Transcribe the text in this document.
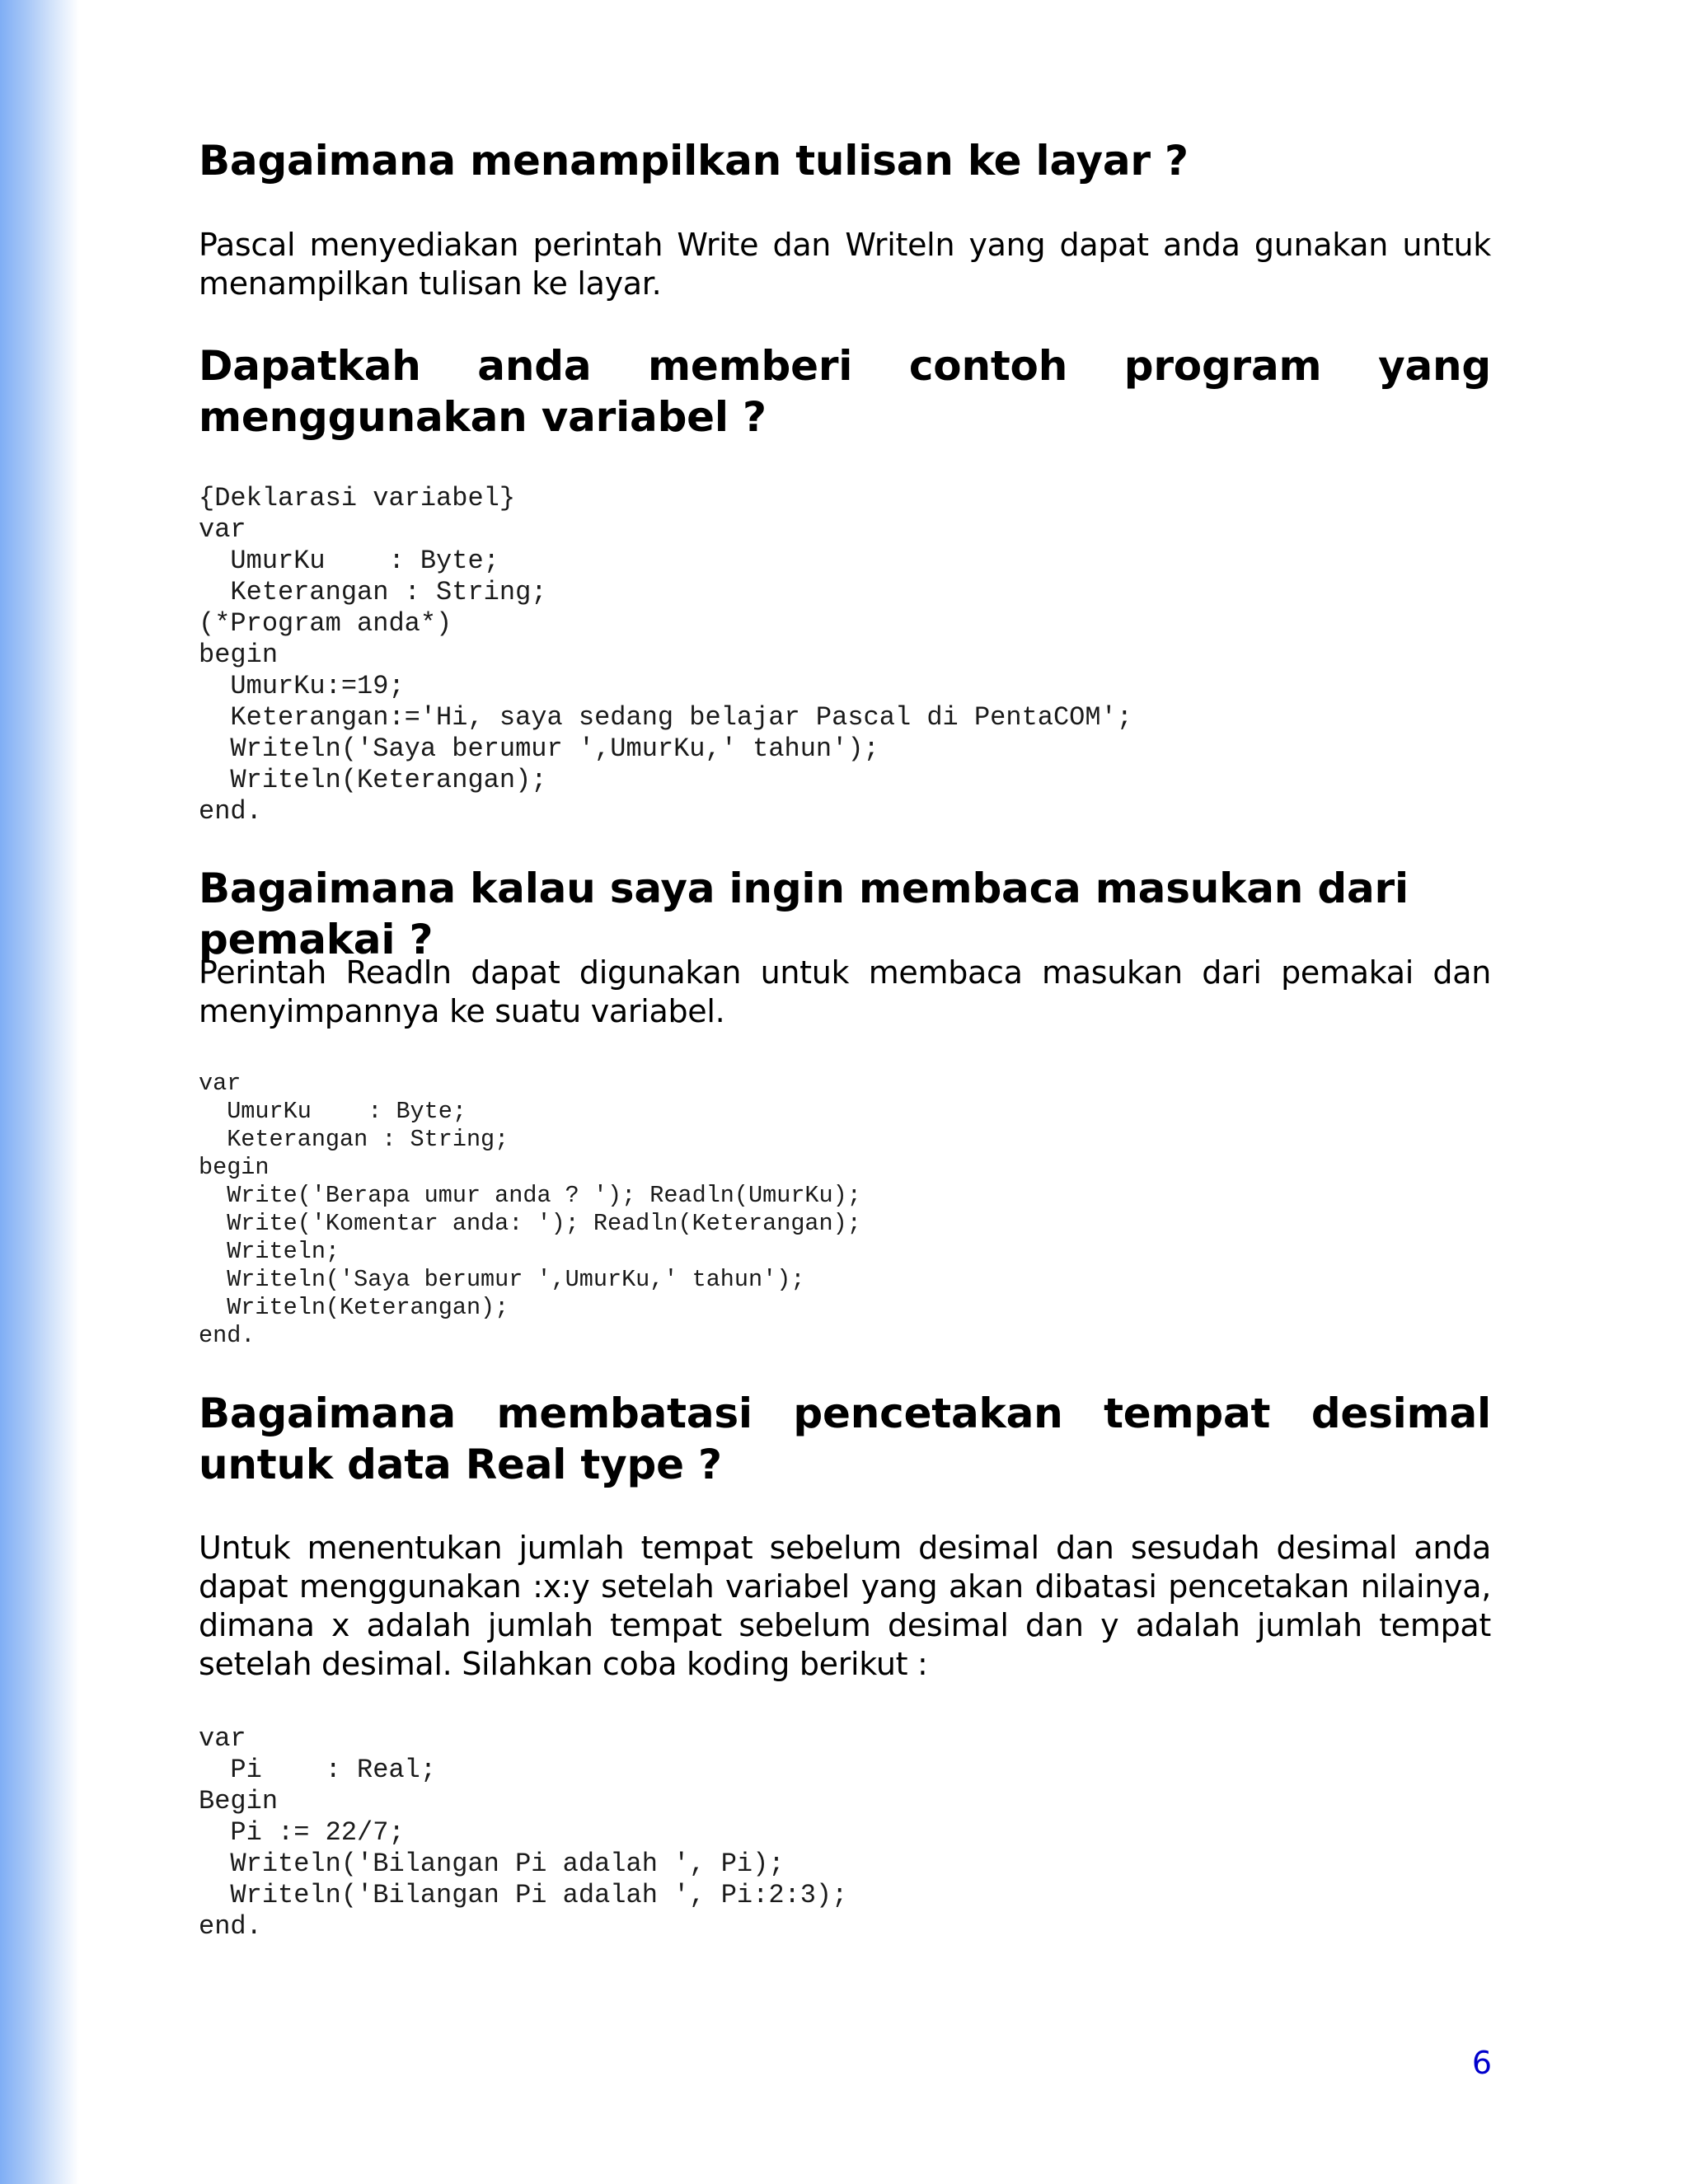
Bagaimana menampilkan tulisan ke layar ?

Pascal menyediakan perintah Write dan Writeln yang dapat anda gunakan untuk menampilkan tulisan ke layar.

Dapatkah anda memberi contoh program yang menggunakan variabel ?
{Deklarasi variabel}
var
UmurKu    : Byte;
Keterangan : String;
(*Program anda*)
begin
UmurKu:=19;
Keterangan:='Hi, saya sedang belajar Pascal di PentaCOM';
Writeln('Saya berumur ',UmurKu,' tahun');
Writeln(Keterangan);
end.
Bagaimana kalau saya ingin membaca masukan dari pemakai ?

Perintah Readln dapat digunakan untuk membaca masukan dari pemakai dan menyimpannya ke suatu variabel.

var
UmurKu    : Byte;
Keterangan : String;
begin
Write('Berapa umur anda ? '); Readln(UmurKu);
Write('Komentar anda: '); Readln(Keterangan);
Writeln;
Writeln('Saya berumur ',UmurKu,' tahun');
Writeln(Keterangan);
end.
Bagaimana membatasi pencetakan tempat desimal untuk data Real type ?

Untuk menentukan jumlah tempat sebelum desimal dan sesudah desimal anda dapat menggunakan :x:y setelah variabel yang akan dibatasi pencetakan nilainya, dimana x adalah jumlah tempat sebelum desimal dan y adalah jumlah tempat setelah desimal. Silahkan coba koding berikut :

var
Pi    : Real;
Begin
Pi := 22/7;
Writeln('Bilangan Pi adalah ', Pi);
Writeln('Bilangan Pi adalah ', Pi:2:3);
end.
6
